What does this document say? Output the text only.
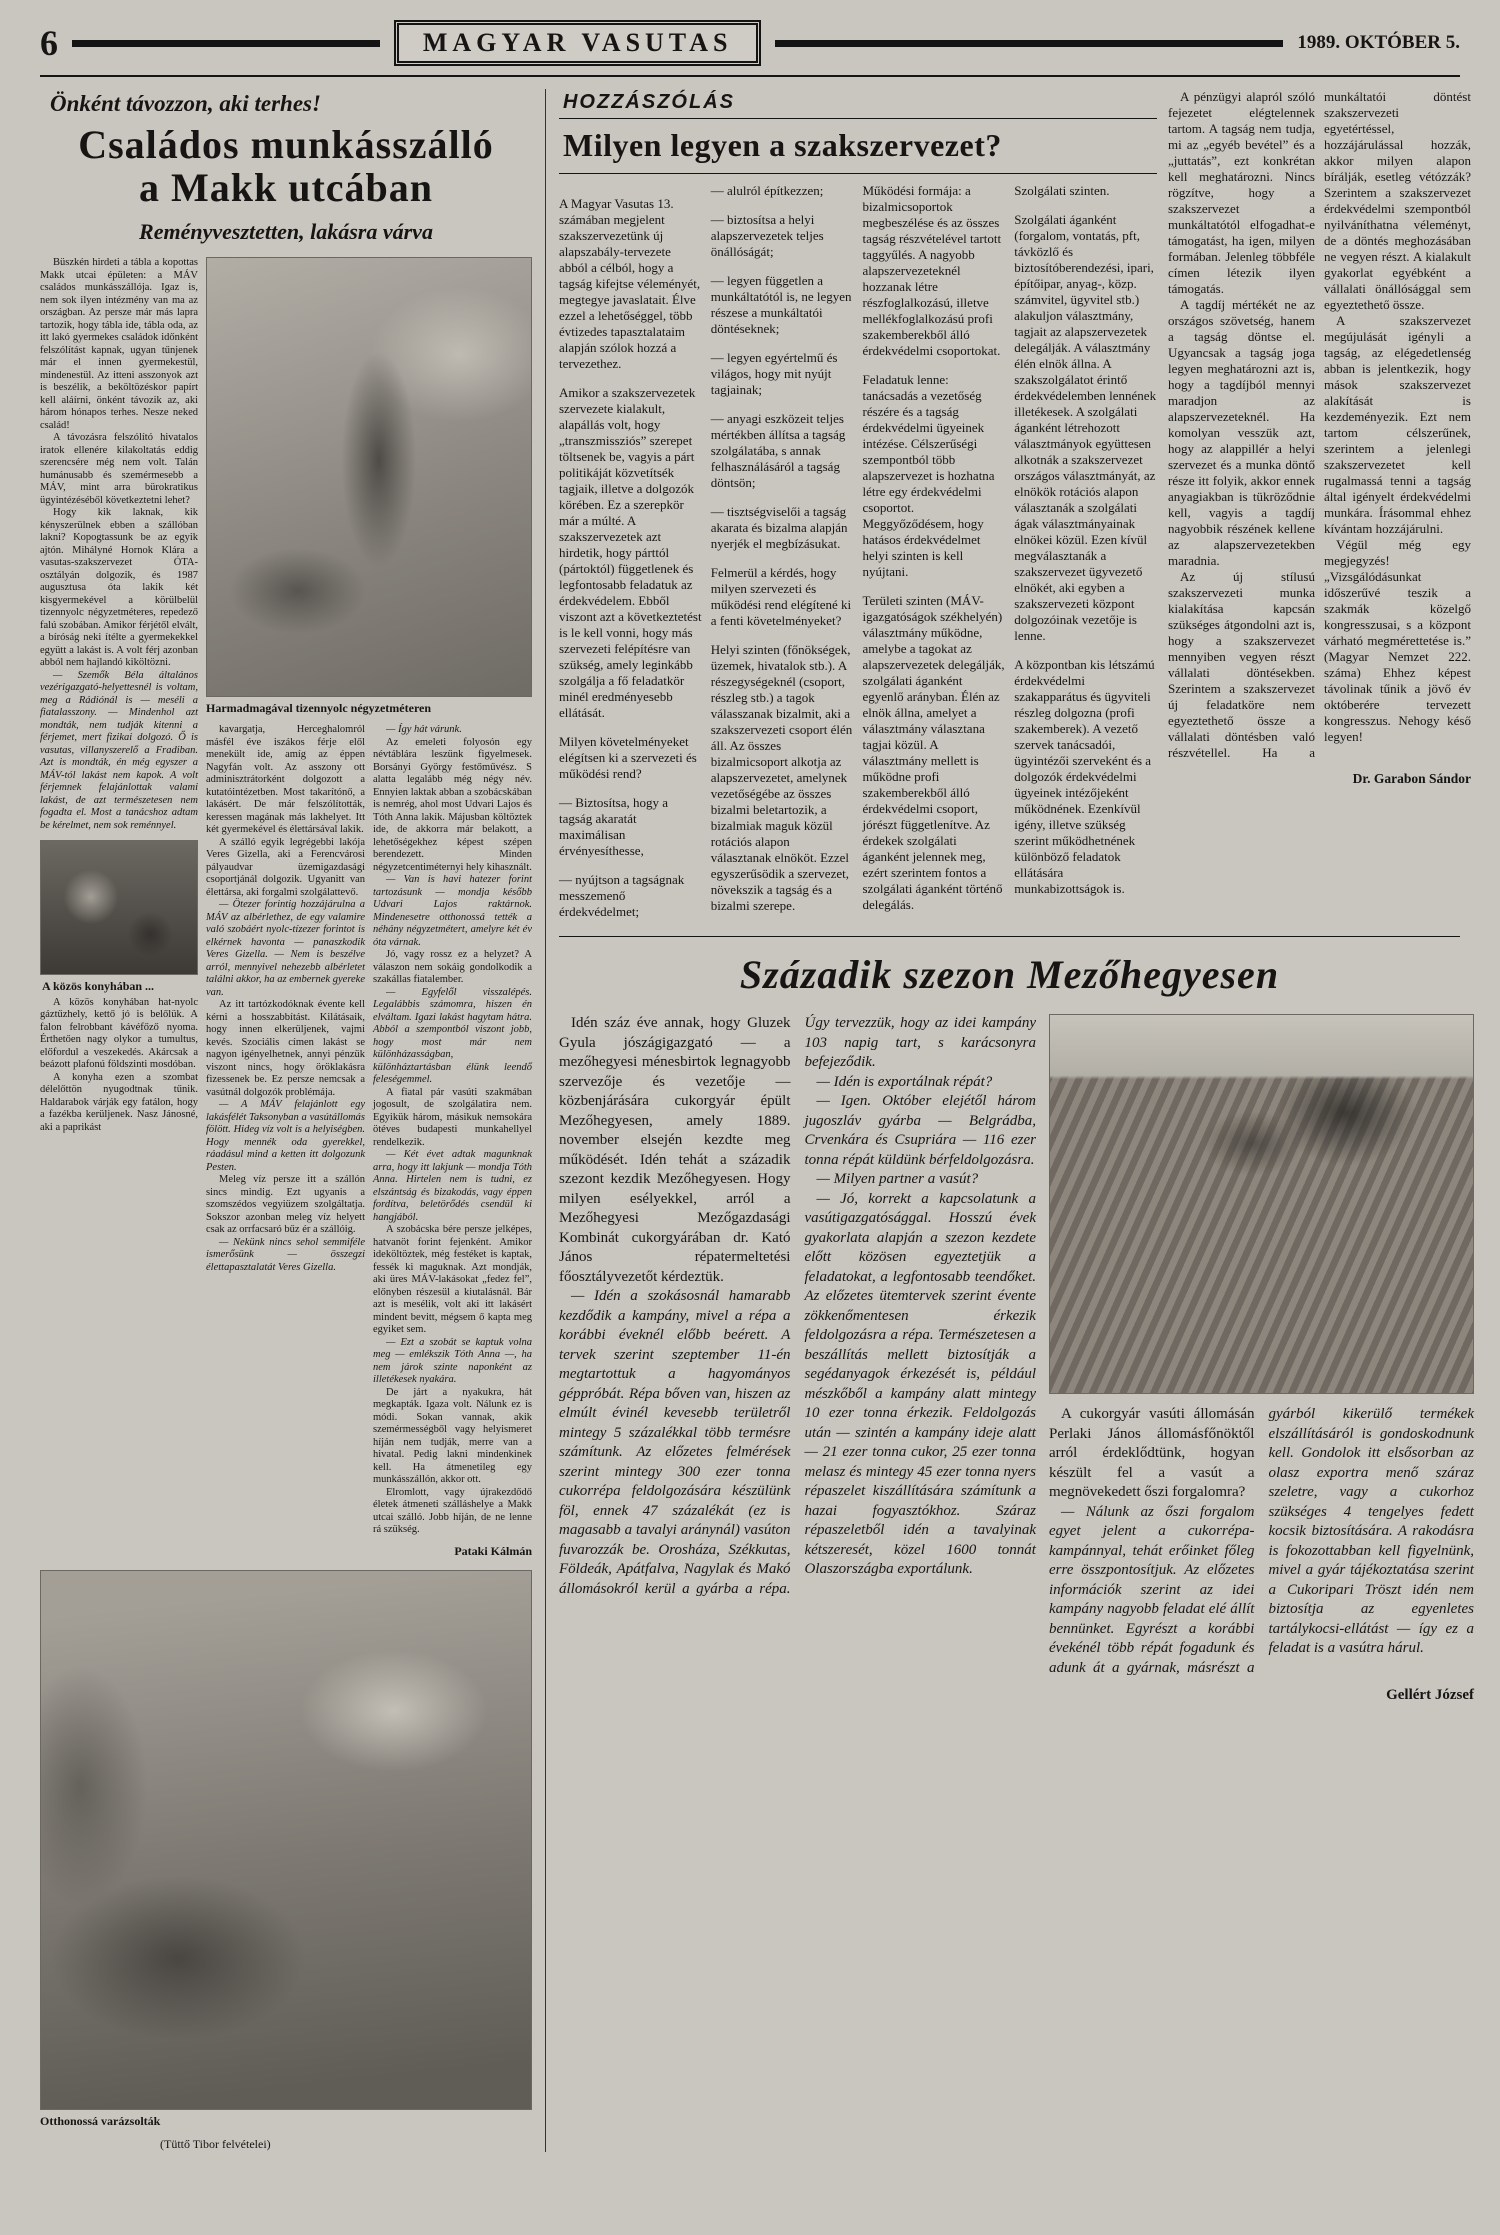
6	MAGYAR VASUTAS	1989. OKTÓBER 5.
Önként távozzon, aki terhes!
Családos munkásszálló
a Makk utcában
Reményvesztetten, lakásra várva

Büszkén hirdeti a tábla a kopottas Makk utcai épületen: a MÁV családos munkásszállója. Igaz is, nem sok ilyen intézmény van ma az országban. Az persze már más lapra tartozik, hogy tábla ide, tábla oda, az itt lakó gyermekes családok időnként felszólítást kapnak, ugyan tűnjenek már el innen gyermekestül, mindenestül. Az itteni asszonyok azt is beszélik, a beköltözéskor papírt kell aláírni, önként távozik az, aki három hónapos terhes. Nesze neked család!

A távozásra felszólító hivatalos iratok ellenére kilakoltatás eddig szerencsére még nem volt. Talán humánusabb és szemérmesebb a MÁV, mint arra bürokratikus ügyintézéséből következtetni lehet?

Hogy kik laknak, kik kényszerülnek ebben a szállóban lakni? Kopogtassunk be az egyik ajtón. Mihályné Hornok Klára a vasutas-szakszervezet ÓTA-osztályán dolgozik, és 1987 augusztusa óta lakik két kisgyermekével a körülbelül tizennyolc négyzetméteres, repedező falú szobában. Amikor férjétől elvált, a bíróság neki ítélte a gyermekekkel együtt a lakást is. A volt férj azonban abból nem hajlandó kiköltözni.

— Szemők Béla általános vezérigazgató-helyettesnél is voltam, meg a Rádiónál is — meséli a fiatalasszony. — Mindenhol azt mondták, nem tudják kitenni a férjemet, mert fizikai dolgozó. Ő is vasutas, villanyszerelő a Fradiban. Azt is mondták, én még egyszer a MÁV-tól lakást nem kapok. A volt férjemnek felajánlottak valami lakást, de azt természetesen nem fogadta el. Most a tanácshoz adtam be kérelmet, nem sok reménnyel.

A közös konyhában ...

A közös konyhában hat-nyolc gáztűzhely, kettő jó is belőlük. A falon felrobbant kávéfőző nyoma. Érthetően nagy olykor a tumultus, előfordul a veszekedés. Akárcsak a beázott plafonú földszinti mosdóban.

A konyha ezen a szombat délelőttön nyugodtnak tűnik. Haldarabok várják egy fatálon, hogy a fazékba kerüljenek. Nasz Jánosné, aki a paprikást

Harmadmagával tizennyolc négyzetméteren

kavargatja, Herceghalomról másfél éve iszákos férje elől menekült ide, amíg az éppen Nagyfán volt. Az asszony ott adminisztrátorként dolgozott a kutatóintézetben. Most takarítónő, a lakásért. De már felszólították, keressen magának más lakhelyet. Itt két gyermekével és élettársával lakik.

A szálló egyik legrégebbi lakója Veres Gizella, aki a Ferencvárosi pályaudvar üzemigazdasági csoportjánál dolgozik. Ugyanitt van élettársa, aki forgalmi szolgálattevő.

— Ötezer forintig hozzájárulna a MÁV az albérlethez, de egy valamire való szobáért nyolc-tízezer forintot is elkérnek havonta — panaszkodik Veres Gizella. — Nem is beszélve arról, mennyivel nehezebb albérletet találni akkor, ha az embernek gyereke van.

Az itt tartózkodóknak évente kell kérni a hosszabbítást. Kilátásaik, hogy innen elkerüljenek, vajmi kevés. Szociális címen lakást se nagyon igényelhetnek, annyi pénzük viszont nincs, hogy öröklakásra fizessenek be. Ez persze nemcsak a vasútnál dolgozók problémája.

— A MÁV felajánlott egy lakásfélét Taksonyban a vasútállomás fölött. Hideg víz volt is a helyiségben. Hogy mennék oda gyerekkel, ráadásul mind a ketten itt dolgozunk Pesten.

Meleg víz persze itt a szállón sincs mindig. Ezt ugyanis a szomszédos vegyiüzem szolgáltatja. Sokszor azonban meleg víz helyett csak az orrfacsaró bűz ér a szállóig.

— Nekünk nincs sehol semmiféle ismerősünk — összegzi élettapasztalatát Veres Gizella.

— Így hát várunk.

Az emeleti folyosón egy névtáblára leszünk figyelmesek. Borsányi György festőművész. S alatta legalább még négy név. Ennyien laktak abban a szobácskában is nemrég, ahol most Udvari Lajos és Tóth Anna lakik. Májusban költöztek ide, de akkorra már belakott, a lehetőségekhez képest szépen berendezett. Minden négyzetcentiméternyi hely kihasznált.

— Van is havi hatezer forint tartozásunk — mondja később Udvari Lajos raktárnok. Mindenesetre otthonossá tették a néhány négyzetmétert, amelyre két év óta várnak.

Jó, vagy rossz ez a helyzet? A válaszon nem sokáig gondolkodik a szakállas fiatalember.

— Egyfelől visszalépés. Legalábbis számomra, hiszen én elváltam. Igazi lakást hagytam hátra. Abból a szempontból viszont jobb, hogy most már nem különházasságban, különháztartásban élünk leendő feleségemmel.

A fiatal pár vasúti szakmában jogosult, de szolgálatira nem. Egyikük három, másikuk nemsokára ötéves budapesti munkahellyel rendelkezik.

— Két évet adtak magunknak arra, hogy itt lakjunk — mondja Tóth Anna. Hirtelen nem is tudni, ez elszántság és bizakodás, vagy éppen fordítva, beletörődés csendül ki hangjából.

A szobácska bére persze jelképes, hatvanöt forint fejenként. Amikor ideköltöztek, még festéket is kaptak, fessék ki maguknak. Azt mondják, aki üres MÁV-lakásokat „fedez fel”, előnyben részesül a kiutalásnál. Bár azt is mesélik, volt aki itt lakásért mindent bevitt, mégsem ő kapta meg egyiket sem.

— Ezt a szobát se kaptuk volna meg — emlékszik Tóth Anna —, ha nem járok szinte naponként az illetékesek nyakára.

De járt a nyakukra, hát megkapták. Igaza volt. Nálunk ez is módi. Sokan vannak, akik szemérmességből vagy helyismeret híján nem tudják, merre van a hivatal. Pedig lakni mindenkinek kell. Ha átmenetileg egy munkásszállón, akkor ott.

Elromlott, vagy újrakezdődő életek átmeneti szálláshelye a Makk utcai szálló. Jobb híján, de ne lenne rá szükség.

Pataki Kálmán
Otthonossá varázsolták
(Tüttő Tibor felvételei)
HOZZÁSZÓLÁS
Milyen legyen a szakszervezet?

A Magyar Vasutas 13. számában megjelent szakszervezetünk új alapszabály-tervezete abból a célból, hogy a tagság kifejtse véleményét, megtegye javaslatait. Élve ezzel a lehetőséggel, több évtizedes tapasztalataim alapján szólok hozzá a tervezethez.

Amikor a szakszervezetek szervezete kialakult, alapállás volt, hogy „transzmissziós” szerepet töltsenek be, vagyis a párt politikáját közvetítsék tagjaik, illetve a dolgozók körében. Ez a szerepkör már a múlté. A szakszervezetek azt hirdetik, hogy párttól (pártoktól) függetlenek és legfontosabb feladatuk az érdekvédelem. Ebből viszont azt a következtetést is le kell vonni, hogy más szervezeti felépítésre van szükség, amely leginkább szolgálja a fő feladatkör minél eredményesebb ellátását.

Milyen követelményeket elégítsen ki a szervezeti és működési rend?

— Biztosítsa, hogy a tagság akaratát maximálisan érvényesíthesse,

— nyújtson a tagságnak messzemenő érdekvédelmet;

— alulról építkezzen;

— biztosítsa a helyi alapszervezetek teljes önállóságát;

— legyen független a munkáltatótól is, ne legyen részese a munkáltatói döntéseknek;

— legyen egyértelmű és világos, hogy mit nyújt tagjainak;

— anyagi eszközeit teljes mértékben állítsa a tagság szolgálatába, s annak felhasználásáról a tagság döntsön;

— tisztségviselői a tagság akarata és bizalma alapján nyerjék el megbízásukat.

Felmerül a kérdés, hogy milyen szervezeti és működési rend elégítené ki a fenti követelményeket?

Helyi szinten (főnökségek, üzemek, hivatalok stb.). A részegységeknél (csoport, részleg stb.) a tagok válasszanak bizalmit, aki a szakszervezeti csoport élén áll. Az összes bizalmicsoport alkotja az alapszervezetet, amelynek vezetőségébe az összes bizalmi beletartozik, a bizalmiak maguk közül rotációs alapon választanak elnököt. Ezzel egyszerűsödik a szervezet, növekszik a tagság és a bizalmi szerepe.

Működési formája: a bizalmicsoportok megbeszélése és az összes tagság részvételével tartott taggyűlés. A nagyobb alapszervezeteknél hozzanak létre részfoglalkozású, illetve mellékfoglalkozású profi szakemberekből álló érdekvédelmi csoportokat.

Feladatuk lenne: tanácsadás a vezetőség részére és a tagság érdekvédelmi ügyeinek intézése. Célszerűségi szempontból több alapszervezet is hozhatna létre egy érdekvédelmi csoportot. Meggyőződésem, hogy hatásos érdekvédelmet helyi szinten is kell nyújtani.

Területi szinten (MÁV-igazgatóságok székhelyén) választmány működne, amelybe a tagokat az alapszervezetek delegálják, szolgálati áganként egyenlő arányban. Élén az elnök állna, amelyet a választmány választana tagjai közül. A választmány mellett is működne profi szakemberekből álló érdekvédelmi csoport, jórészt függetlenítve. Az érdekek szolgálati áganként jelennek meg, ezért szerintem fontos a szolgálati áganként történő delegálás.

Szolgálati szinten.

Szolgálati áganként (forgalom, vontatás, pft, távközlő és biztosítóberendezési, ipari, építőipar, anyag-, közp. számvitel, ügyvitel stb.) alakuljon választmány, tagjait az alapszervezetek delegálják. A választmány élén elnök állna. A szakszolgálatot érintő érdekvédelemben lennének illetékesek. A szolgálati áganként létrehozott választmányok együttesen alkotnák a szakszervezet országos választmányát, az elnökök rotációs alapon választanák a szolgálati ágak választmányainak elnökei közül. Ezen kívül megválasztanák a szakszervezet ügyvezető elnökét, aki egyben a szakszervezeti központ dolgozóinak vezetője is lenne.

A központban kis létszámú érdekvédelmi szakapparátus és ügyviteli részleg dolgozna (profi szakemberek). A vezető szervek tanácsadói, ügyintézői szerveként és a dolgozók érdekvédelmi ügyeinek intézőjeként működnének. Ezenkívül igény, illetve szükség szerint működhetnének különböző feladatok ellátására munkabizottságok is.

A pénzügyi alapról szóló fejezetet elégtelennek tartom. A tagság nem tudja, mi az „egyéb bevétel” és a „juttatás”, ezt konkrétan kell meghatározni. Nincs rögzítve, hogy a szakszervezet a munkáltatótól elfogadhat-e támogatást, ha igen, milyen formában. Jelenleg többféle címen létezik ilyen támogatás.

A tagdíj mértékét ne az országos szövetség, hanem a tagság döntse el. Ugyancsak a tagság joga legyen meghatározni azt is, hogy a tagdíjból mennyi maradjon az alapszervezeteknél. Ha komolyan vesszük azt, hogy az alappillér a helyi szervezet és a munka döntő része itt folyik, akkor ennek anyagiakban is tükröződnie kell, vagyis a tagdíj nagyobbik részének kellene az alapszervezetekben maradnia.

Az új stílusú szakszervezeti munka kialakítása kapcsán szükséges átgondolni azt is, hogy a szakszervezet mennyiben vegyen részt vállalati döntésekben. Szerintem a szakszervezet új feladatköre nem egyeztethető össze a vállalati döntésben való részvétellel. Ha a munkáltatói döntést szakszervezeti egyetértéssel, hozzájárulással hozzák, akkor milyen alapon bírálják, esetleg vétózzák? Szerintem a szakszervezet érdekvédelmi szempontból nyilváníthatna véleményt, de a döntés meghozásában ne vegyen részt. A kialakult gyakorlat egyébként a vállalati önállósággal sem egyeztethető össze.

A szakszervezet megújulását igényli a tagság, az elégedetlenség abban is jelentkezik, hogy mások szakszervezet alakítását is kezdeményezik. Ezt nem tartom célszerűnek, szerintem a jelenlegi szakszervezetet kell rugalmassá tenni a tagság által igényelt érdekvédelmi munkára. Írásommal ehhez kívántam hozzájárulni.

Végül még egy megjegyzés! „Vizsgálódásunkat időszerűvé teszik a szakmák közelgő kongresszusai, s a központ várható megmérettetése is.” (Magyar Nemzet 222. száma) Ehhez képest távolinak tűnik a jövő év októberére tervezett kongresszus. Nehogy késő legyen!

Dr. Garabon Sándor
Századik szezon Mezőhegyesen

Idén száz éve annak, hogy Gluzek Gyula jószágigazgató — a mezőhegyesi ménesbirtok legnagyobb szervezője és vezetője — közbenjárására cukorgyár épült Mezőhegyesen, amely 1889. november elsején kezdte meg működését. Idén tehát a századik szezont kezdik Mezőhegyesen. Hogy milyen esélyekkel, arról a Mezőhegyesi Mezőgazdasági Kombinát cukorgyárában dr. Kató János répatermeltetési főosztályvezetőt kérdeztük.

— Idén a szokásosnál hamarabb kezdődik a kampány, mivel a répa a korábbi éveknél előbb beérett. A tervek szerint szeptember 11-én megtartottuk a hagyományos géppróbát. Répa bőven van, hiszen az elmúlt évinél kevesebb területről mintegy 5 százalékkal több termésre számítunk. Az előzetes felmérések szerint mintegy 300 ezer tonna cukorrépa feldolgozására készülünk föl, ennek 47 százalékát (ez is magasabb a tavalyi aránynál) vasúton fuvarozzák be. Orosháza, Székkutas, Földeák, Apátfalva, Nagylak és Makó állomásokról kerül a gyárba a répa. Úgy tervezzük, hogy az idei kampány 103 napig tart, s karácsonyra befejeződik.

— Idén is exportálnak répát?

— Igen. Október elejétől három jugoszláv gyárba — Belgrádba, Crvenkára és Csupriára — 116 ezer tonna répát küldünk bérfeldolgozásra.

— Milyen partner a vasút?

— Jó, korrekt a kapcsolatunk a vasútigazgatósággal. Hosszú évek gyakorlata alapján a szezon kezdete előtt közösen egyeztetjük a feladatokat, a legfontosabb teendőket. Az előzetes ütemtervek szerint évente zökkenőmentesen érkezik feldolgozásra a répa. Természetesen a beszállítás mellett biztosítják a segédanyagok érkezését is, például mészkőből a kampány alatt mintegy 10 ezer tonna érkezik. Feldolgozás után — szintén a kampány ideje alatt — 21 ezer tonna cukor, 25 ezer tonna melasz és mintegy 45 ezer tonna nyers répaszelet kiszállítására számítunk a hazai fogyasztókhoz. Száraz répaszeletből idén a tavalyinak kétszeresét, közel 1600 tonnát Olaszországba exportálunk.

A cukorgyár vasúti állomásán Perlaki János állomásfőnöktől arról érdeklődtünk, hogyan készült fel a vasút a megnövekedett őszi forgalomra?

— Nálunk az őszi forgalom egyet jelent a cukorrépa-kampánnyal, tehát erőinket főleg erre összpontosítjuk. Az előzetes információk szerint az idei kampány nagyobb feladat elé állít bennünket. Egyrészt a korábbi évekénél több répát fogadunk és adunk át a gyárnak, másrészt a gyárból kikerülő termékek elszállításáról is gondoskodnunk kell. Gondolok itt elsősorban az olasz exportra menő száraz szeletre, vagy a cukorhoz szükséges 4 tengelyes fedett kocsik biztosítására. A rakodásra is fokozottabban kell figyelnünk, mivel a gyár tájékoztatása szerint a Cukoripari Tröszt idén nem biztosítja az egyenletes tartálykocsi-ellátást — így ez a feladat is a vasútra hárul.

Gellért József
